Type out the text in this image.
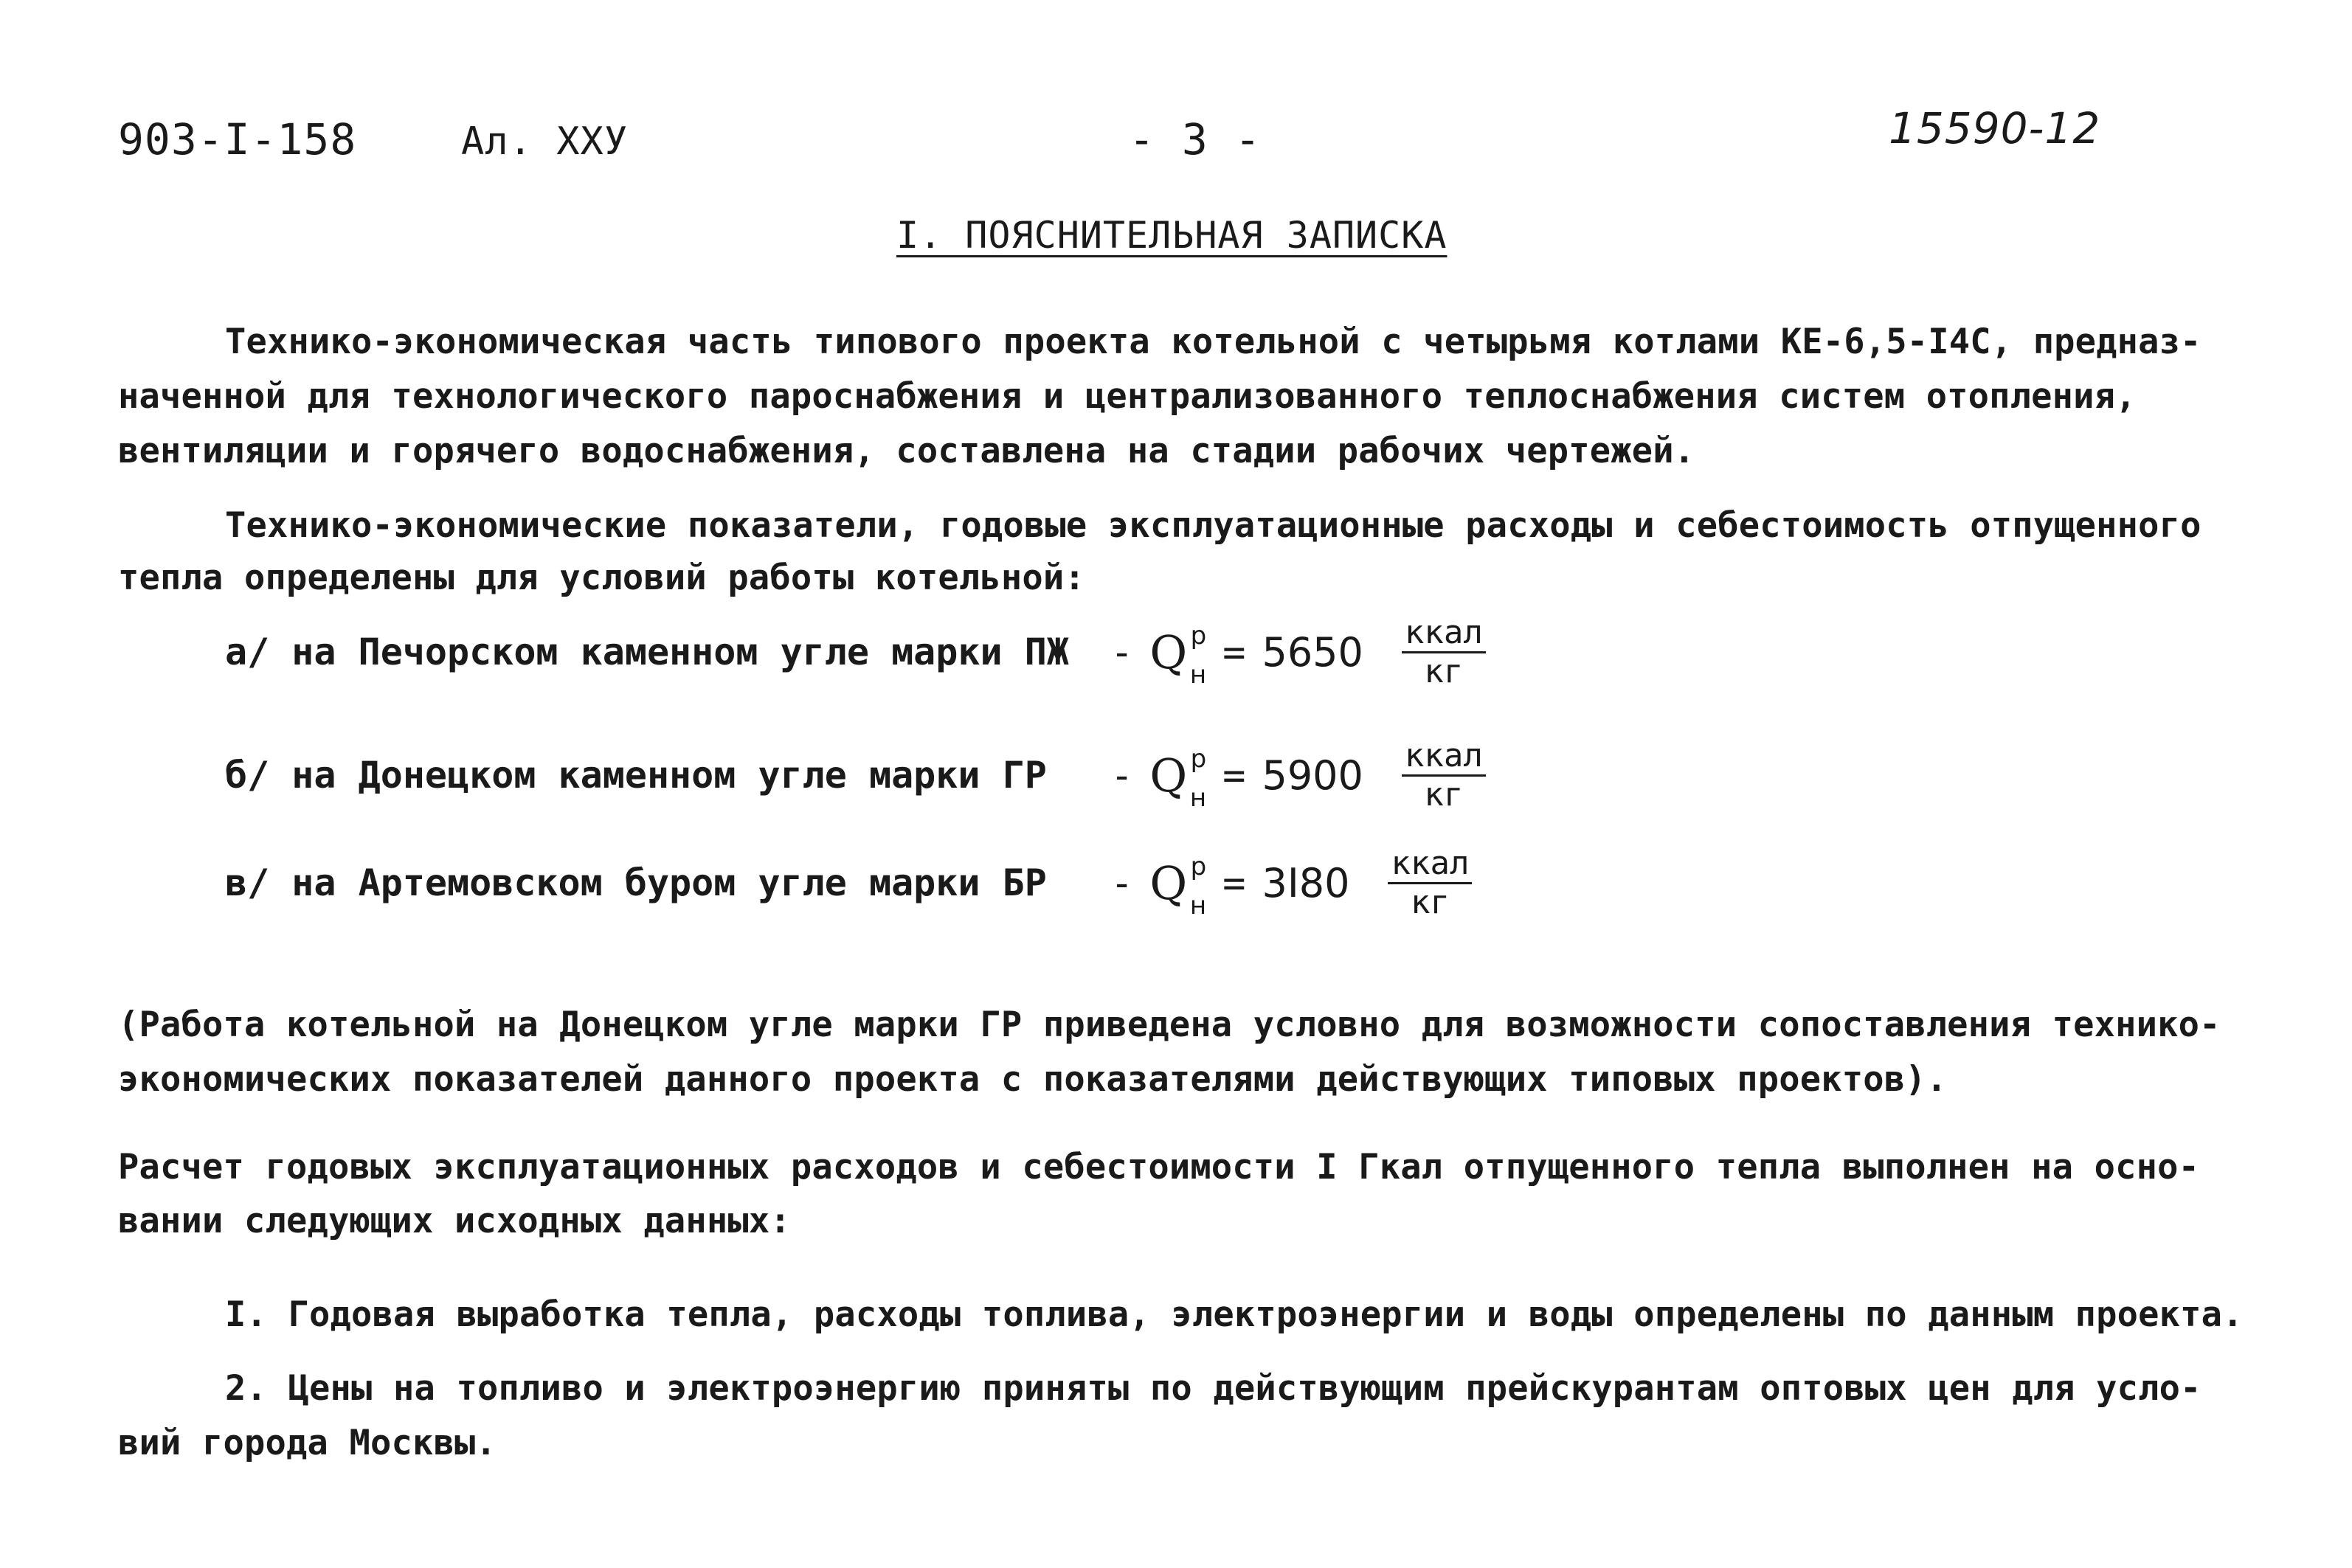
903-I-158	Ал. XXУ	- 3 -	15590-12
I. ПОЯСНИТЕЛЬНАЯ ЗАПИСКА
Технико-экономическая часть типового проекта котельной с четырьмя котлами КЕ-6,5-I4С, предназ-
наченной для технологического пароснабжения и централизованного теплоснабжения систем отопления,
вентиляции и горячего водоснабжения, составлена на стадии рабочих чертежей.
Технико-экономические показатели, годовые эксплуатационные расходы и себестоимость отпущенного
тепла определены для условий работы котельной:
а/ на Печорском каменном угле марки ПЖ - Q p
н
= $5650 \frac{\text{ккал}}{кг}$
б/ на Донецком каменном угле марки ГР - Q p
н
= $5900 \frac{\text{ккал}}{кг}$
в/ на Артемовском буром угле марки БР - Q p
н
= $3I80 \frac{\text{ккал}}{кг}$
(Работа котельной на Донецком угле марки ГР приведена условно для возможности сопоставления технико-
экономических показателей данного проекта с показателями действующих типовых проектов).
Расчет годовых эксплуатационных расходов и себестоимости I Гкал отпущенного тепла выполнен на осно-
вании следующих исходных данных:
I. Годовая выработка тепла, расходы топлива, электроэнергии и воды определены по данным проекта.
2. Цены на топливо и электроэнергию приняты по действующим прейскурантам оптовых цен для усло-
вий города Москвы.
